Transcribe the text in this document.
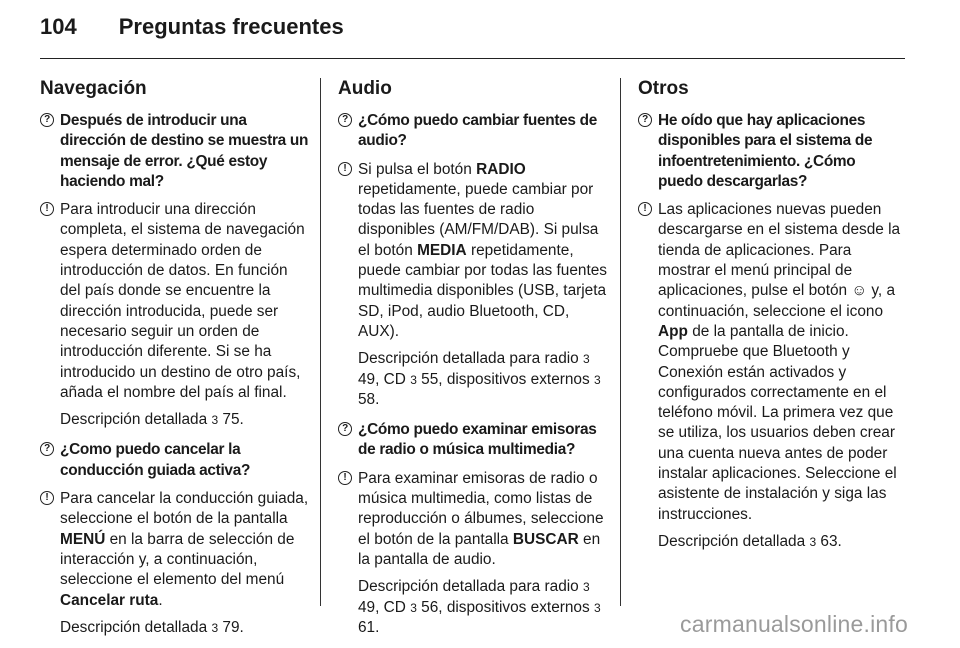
104 Preguntas frecuentes
Navegación
? Después de introducir una dirección de destino se muestra un mensaje de error. ¿Qué estoy haciendo mal?
! Para introducir una dirección completa, el sistema de navegación espera determinado orden de introducción de datos. En función del país donde se encuentre la dirección introducida, puede ser necesario seguir un orden de introducción diferente. Si se ha introducido un destino de otro país, añada el nombre del país al final.
Descripción detallada 3 75.
? ¿Como puedo cancelar la conducción guiada activa?
! Para cancelar la conducción guiada, seleccione el botón de la pantalla MENÚ en la barra de selección de interacción y, a continuación, seleccione el elemento del menú Cancelar ruta.
Descripción detallada 3 79.
Audio
? ¿Cómo puedo cambiar fuentes de audio?
! Si pulsa el botón RADIO repetidamente, puede cambiar por todas las fuentes de radio disponibles (AM/FM/DAB). Si pulsa el botón MEDIA repetidamente, puede cambiar por todas las fuentes multimedia disponibles (USB, tarjeta SD, iPod, audio Bluetooth, CD, AUX).
Descripción detallada para radio 3 49, CD 3 55, dispositivos externos 3 58.
? ¿Cómo puedo examinar emisoras de radio o música multimedia?
! Para examinar emisoras de radio o música multimedia, como listas de reproducción o álbumes, seleccione el botón de la pantalla BUSCAR en la pantalla de audio.
Descripción detallada para radio 3 49, CD 3 56, dispositivos externos 3 61.
Otros
? He oído que hay aplicaciones disponibles para el sistema de infoentretenimiento. ¿Cómo puedo descargarlas?
! Las aplicaciones nuevas pueden descargarse en el sistema desde la tienda de aplicaciones. Para mostrar el menú principal de aplicaciones, pulse el botón ☺ y, a continuación, seleccione el icono App de la pantalla de inicio. Compruebe que Bluetooth y Conexión están activados y configurados correctamente en el teléfono móvil. La primera vez que se utiliza, los usuarios deben crear una cuenta nueva antes de poder instalar aplicaciones. Seleccione el asistente de instalación y siga las instrucciones.
Descripción detallada 3 63.
carmanualsonline.info
